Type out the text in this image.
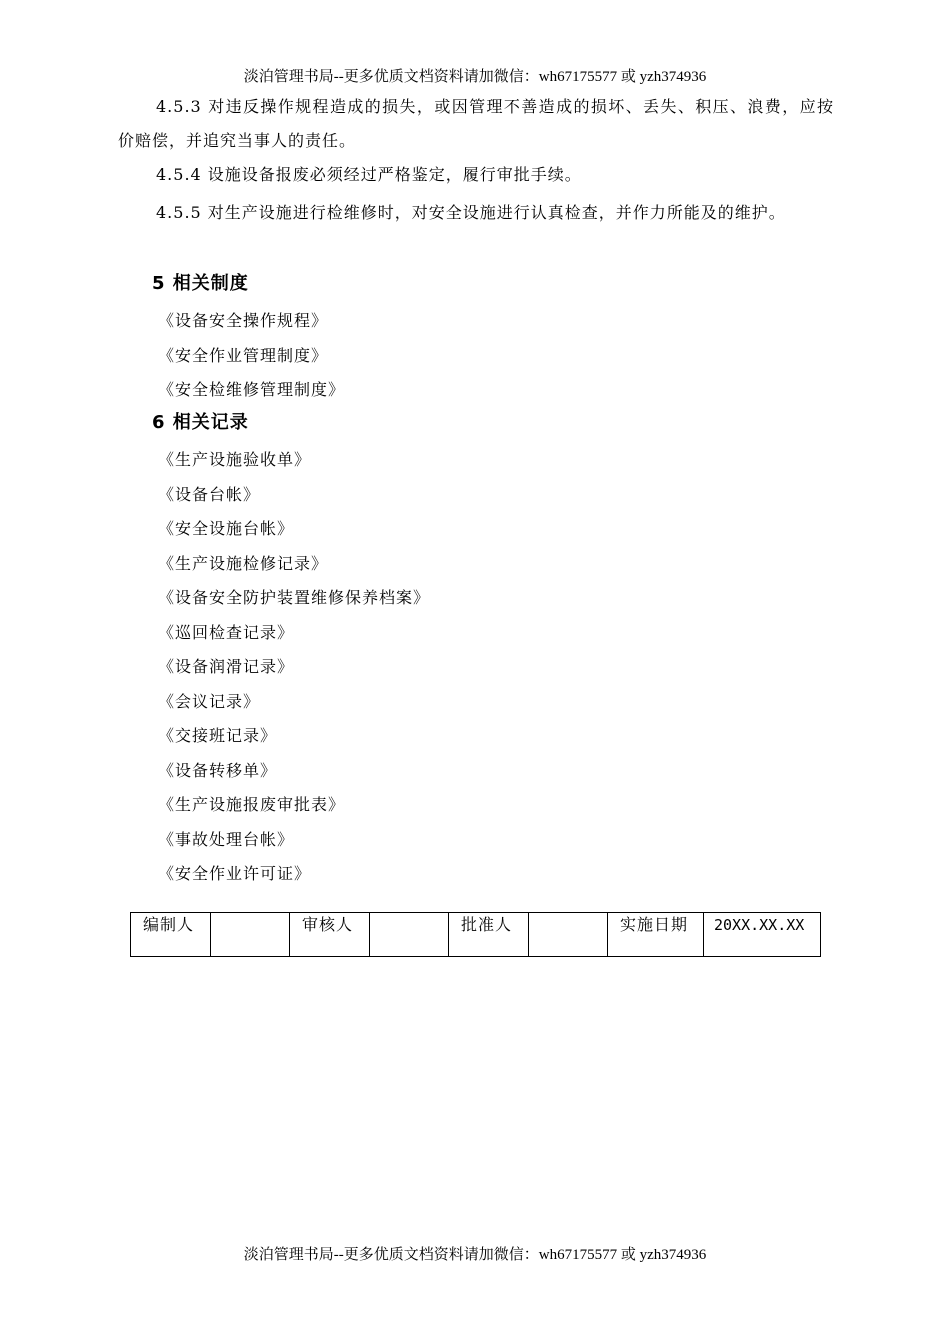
淡泊管理书局--更多优质文档资料请加微信：wh67175577 或 yzh374936
4.5.3 对违反操作规程造成的损失，或因管理不善造成的损坏、丢失、积压、浪费，应按价赔偿，并追究当事人的责任。
4.5.4 设施设备报废必须经过严格鉴定，履行审批手续。
4.5.5 对生产设施进行检维修时，对安全设施进行认真检查，并作力所能及的维护。
5 相关制度
《设备安全操作规程》
《安全作业管理制度》
《安全检维修管理制度》
6 相关记录
《生产设施验收单》
《设备台帐》
《安全设施台帐》
《生产设施检修记录》
《设备安全防护装置维修保养档案》
《巡回检查记录》
《设备润滑记录》
《会议记录》
《交接班记录》
《设备转移单》
《生产设施报废审批表》
《事故处理台帐》
《安全作业许可证》
编制人		审核人		批准人		实施日期	20XX.XX.XX
淡泊管理书局--更多优质文档资料请加微信：wh67175577 或 yzh374936
